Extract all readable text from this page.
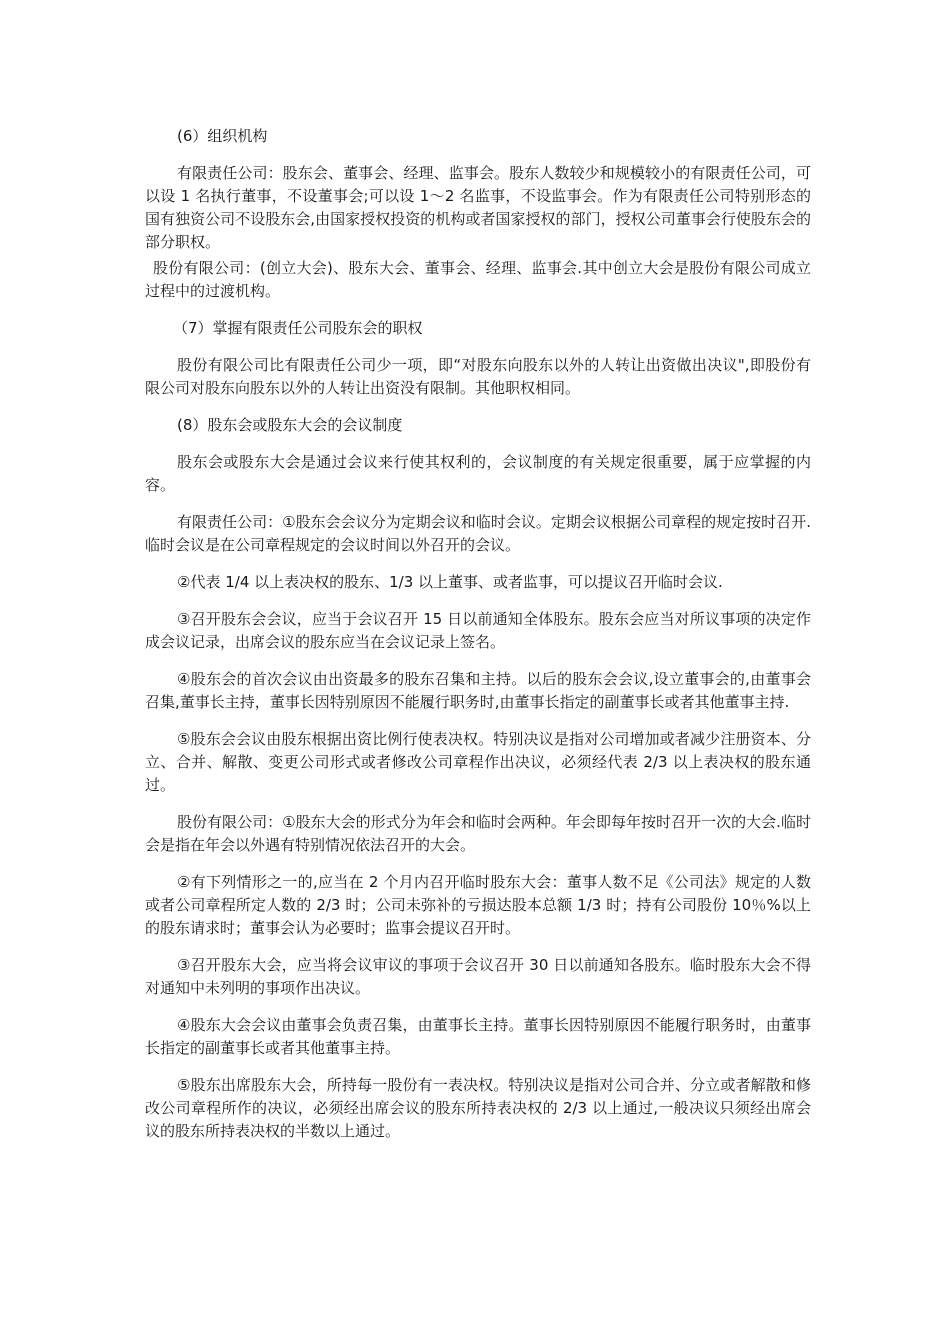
(6）组织机构

有限责任公司：股东会、董事会、经理、监事会。股东人数较少和规模较小的有限责任公司，可以设 1 名执行董事，不设董事会;可以设 1～2 名监事，不设监事会。作为有限责任公司特别形态的国有独资公司不设股东会,由国家授权投资的机构或者国家授权的部门，授权公司董事会行使股东会的部分职权。

股份有限公司：(创立大会)、股东大会、董事会、经理、监事会.其中创立大会是股份有限公司成立过程中的过渡机构。

（7）掌握有限责任公司股东会的职权

股份有限公司比有限责任公司少一项，即“对股东向股东以外的人转让出资做出决议",即股份有限公司对股东向股东以外的人转让出资没有限制。其他职权相同。

(8）股东会或股东大会的会议制度

股东会或股东大会是通过会议来行使其权利的，会议制度的有关规定很重要，属于应掌握的内容。

有限责任公司：①股东会会议分为定期会议和临时会议。定期会议根据公司章程的规定按时召开.临时会议是在公司章程规定的会议时间以外召开的会议。

②代表 1/4 以上表决权的股东、1/3 以上董事、或者监事，可以提议召开临时会议.

③召开股东会会议，应当于会议召开 15 日以前通知全体股东。股东会应当对所议事项的决定作成会议记录，出席会议的股东应当在会议记录上签名。

④股东会的首次会议由出资最多的股东召集和主持。以后的股东会会议,设立董事会的,由董事会召集,董事长主持，董事长因特别原因不能履行职务时,由董事长指定的副董事长或者其他董事主持.

⑤股东会会议由股东根据出资比例行使表决权。特别决议是指对公司增加或者减少注册资本、分立、合并、解散、变更公司形式或者修改公司章程作出决议，必须经代表 2/3 以上表决权的股东通过。

股份有限公司：①股东大会的形式分为年会和临时会两种。年会即每年按时召开一次的大会.临时会是指在年会以外遇有特别情况依法召开的大会。

②有下列情形之一的,应当在 2 个月内召开临时股东大会：董事人数不足《公司法》规定的人数或者公司章程所定人数的 2/3 时；公司未弥补的亏损达股本总额 1/3 时；持有公司股份 10％%以上的股东请求时；董事会认为必要时；监事会提议召开时。

③召开股东大会，应当将会议审议的事项于会议召开 30 日以前通知各股东。临时股东大会不得对通知中未列明的事项作出决议。

④股东大会会议由董事会负责召集，由董事长主持。董事长因特别原因不能履行职务时，由董事长指定的副董事长或者其他董事主持。

⑤股东出席股东大会，所持每一股份有一表决权。特别决议是指对公司合并、分立或者解散和修改公司章程所作的决议，必须经出席会议的股东所持表决权的 2/3 以上通过,一般决议只须经出席会议的股东所持表决权的半数以上通过。
